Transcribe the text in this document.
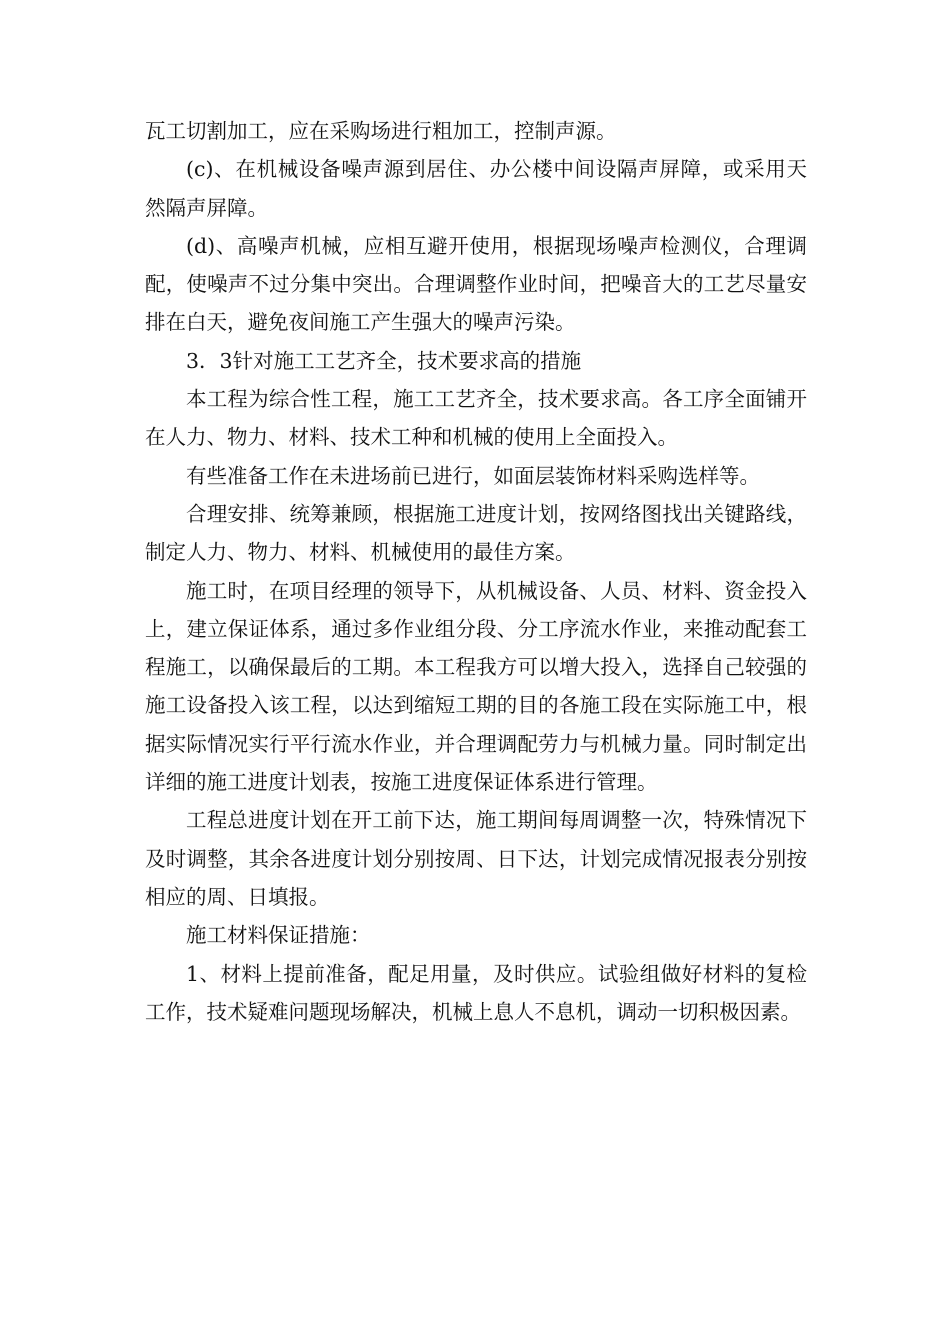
瓦工切割加工，应在采购场进行粗加工，控制声源。

(c)、在机械设备噪声源到居住、办公楼中间设隔声屏障，或采用天然隔声屏障。

(d)、高噪声机械，应相互避开使用，根据现场噪声检测仪，合理调配，使噪声不过分集中突出。合理调整作业时间，把噪音大的工艺尽量安排在白天，避免夜间施工产生强大的噪声污染。

3．3针对施工工艺齐全，技术要求高的措施

本工程为综合性工程，施工工艺齐全，技术要求高。各工序全面铺开在人力、物力、材料、技术工种和机械的使用上全面投入。

有些准备工作在未进场前已进行，如面层装饰材料采购选样等。

合理安排、统筹兼顾，根据施工进度计划，按网络图找出关键路线，制定人力、物力、材料、机械使用的最佳方案。

施工时，在项目经理的领导下，从机械设备、人员、材料、资金投入上，建立保证体系，通过多作业组分段、分工序流水作业，来推动配套工程施工，以确保最后的工期。本工程我方可以增大投入，选择自己较强的施工设备投入该工程，以达到缩短工期的目的各施工段在实际施工中，根据实际情况实行平行流水作业，并合理调配劳力与机械力量。同时制定出详细的施工进度计划表，按施工进度保证体系进行管理。

工程总进度计划在开工前下达，施工期间每周调整一次，特殊情况下及时调整，其余各进度计划分别按周、日下达，计划完成情况报表分别按相应的周、日填报。

施工材料保证措施：

1、材料上提前准备，配足用量，及时供应。试验组做好材料的复检工作，技术疑难问题现场解决，机械上息人不息机，调动一切积极因素。
